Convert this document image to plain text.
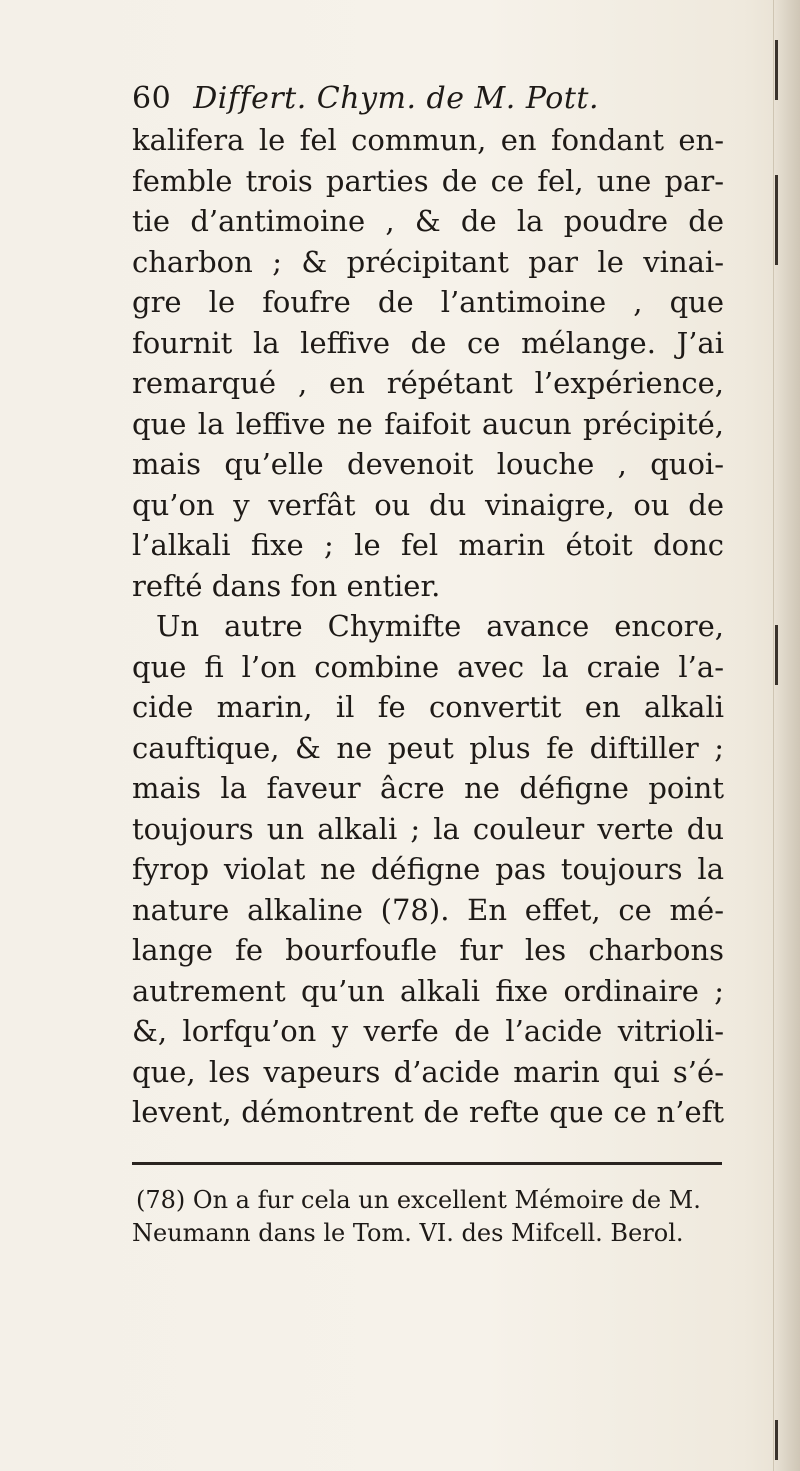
60 Differt. Chym. de M. Pott.
kalifera le fel commun, en fondant en-
femble trois parties de ce fel, une par-
tie d’antimoine , & de la poudre de
charbon ; & précipitant par le vinai-
gre le foufre de l’antimoine , que
fournit la leffive de ce mélange. J’ai
remarqué , en répétant l’expérience,
que la leffive ne faifoit aucun précipité,
mais qu’elle devenoit louche , quoi-
qu’on y verfât ou du vinaigre, ou de
l’alkali fixe ; le fel marin étoit donc
refté dans fon entier.
Un autre Chymifte avance encore,
que fi l’on combine avec la craie l’a-
cide marin, il fe convertit en alkali
cauftique, & ne peut plus fe diftiller ;
mais la faveur âcre ne défigne point
toujours un alkali ; la couleur verte du
fyrop violat ne défigne pas toujours la
nature alkaline (78). En effet, ce mé-
lange fe bourfoufle fur les charbons
autrement qu’un alkali fixe ordinaire ;
&, lorfqu’on y verfe de l’acide vitrioli-
que, les vapeurs d’acide marin qui s’é-
levent, démontrent de refte que ce n’eft
(78) On a fur cela un excellent Mémoire de M.
Neumann dans le Tom. VI. des Mifcell. Berol.
